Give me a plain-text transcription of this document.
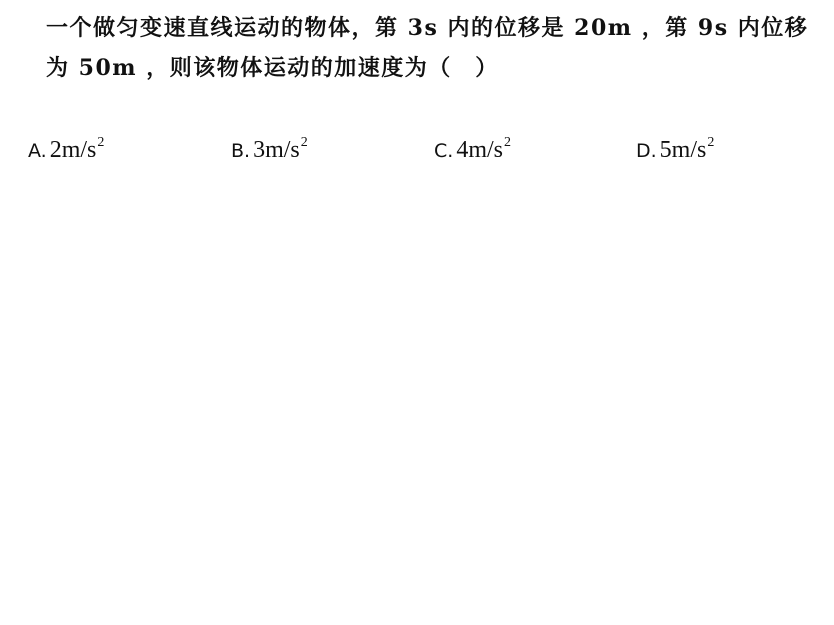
一个做匀变速直线运动的物体，第 3s 内的位移是 20m ，第 9s 内位移
为 50m ，则该物体运动的加速度为（　）
A. $2m/s^2$	B. $3m/s^2$	C. $4m/s^2$	D. $5m/s^2$
